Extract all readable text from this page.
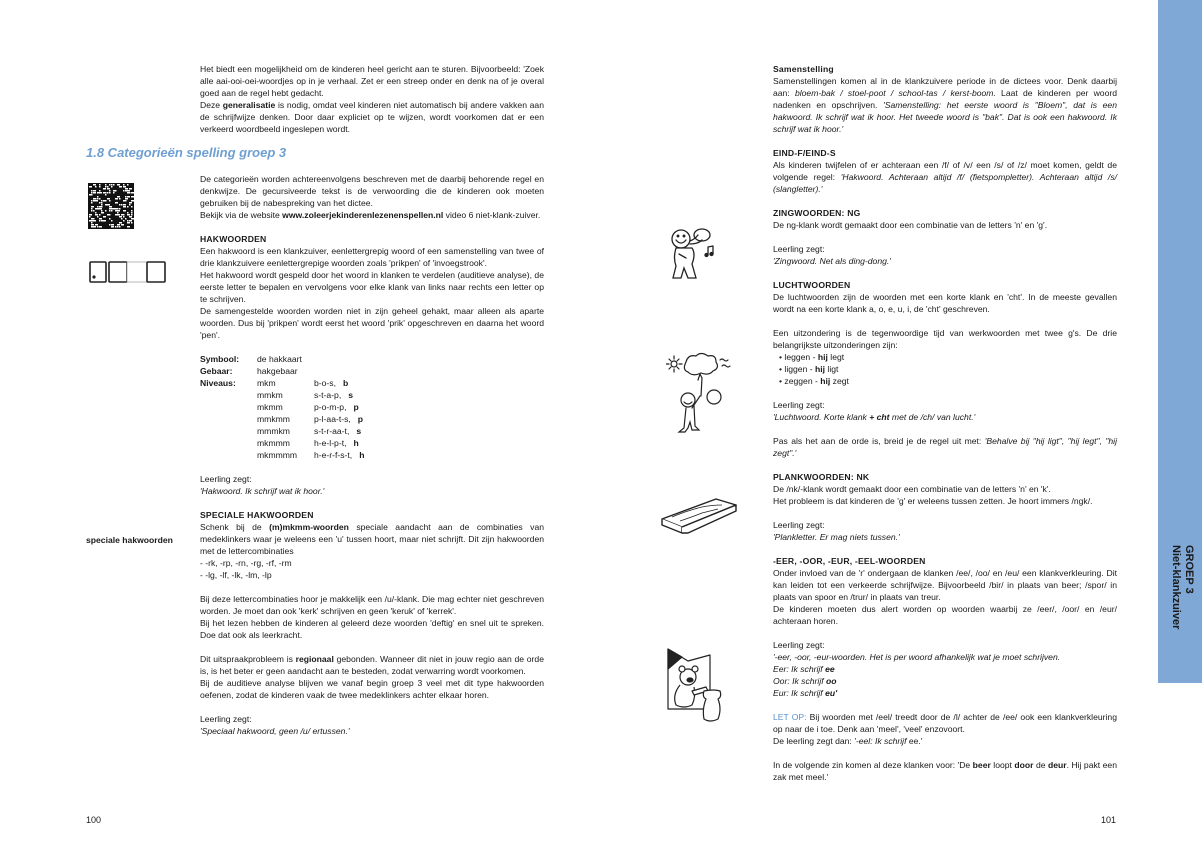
Het biedt een mogelijkheid om de kinderen heel gericht aan te sturen. Bijvoorbeeld: 'Zoek alle aai-ooi-oei-woordjes op in je verhaal. Zet er een streep onder en denk na of je overal goed aan de regel hebt gedacht.

Deze generalisatie is nodig, omdat veel kinderen niet automatisch bij andere vakken aan de schrijfwijze denken. Door daar expliciet op te wijzen, wordt voorkomen dat er een verkeerd woordbeeld ingeslepen wordt.

1.8 Categorieën spelling groep 3

De categorieën worden achtereenvolgens beschreven met de daarbij behorende regel en denkwijze. De gecursiveerde tekst is de verwoording die de kinderen ook moeten gebruiken bij de nabespreking van het dictee.

Bekijk via de website www.zoleerjekinderenlezenenspellen.nl video 6 niet-klank-zuiver.

HAKWOORDEN

Een hakwoord is een klankzuiver, eenlettergrepig woord of een samenstelling van twee of drie klankzuivere eenlettergrepige woorden zoals 'prikpen' of 'invoegstrook'.

Het hakwoord wordt gespeld door het woord in klanken te verdelen (auditieve analyse), de eerste letter te bepalen en vervolgens voor elke klank van links naar rechts een letter op te schrijven.

De samengestelde woorden worden niet in zijn geheel gehakt, maar alleen als aparte woorden. Dus bij 'prikpen' wordt eerst het woord 'prik' opgeschreven en daarna het woord 'pen'.

Symbool:	de hakkaart	
Gebaar:	hakgebaar	
Niveaus:	mkm	b-o-s, b
	mmkm	s-t-a-p, s
	mkmm	p-o-m-p, p
	mmkmm	p-l-aa-t-s, p
	mmmkm	s-t-r-aa-t, s
	mkmmm	h-e-l-p-t, h
	mkmmmm	h-e-r-f-s-t, h

Leerling zegt:

'Hakwoord. Ik schrijf wat ik hoor.'

SPECIALE HAKWOORDEN

Schenk bij de (m)mkmm-woorden speciale aandacht aan de combinaties van medeklinkers waar je weleens een 'u' tussen hoort, maar niet schrijft. Dit zijn hakwoorden met de lettercombinaties

- -rk, -rp, -rn, -rg, -rf, -rm

- -lg, -lf, -lk, -lm, -lp

Bij deze lettercombinaties hoor je makkelijk een /u/-klank. Die mag echter niet geschreven worden. Je moet dan ook 'kerk' schrijven en geen 'keruk' of 'kerrek'.

Bij het lezen hebben de kinderen al geleerd deze woorden 'deftig' en snel uit te spreken. Doe dat ook als leerkracht.

Dit uitspraakprobleem is regionaal gebonden. Wanneer dit niet in jouw regio aan de orde is, is het beter er geen aandacht aan te besteden, zodat verwarring wordt voorkomen.

Bij de auditieve analyse blijven we vanaf begin groep 3 veel met dit type hakwoorden oefenen, zodat de kinderen vaak de twee medeklinkers achter elkaar horen.

Leerling zegt:

'Speciaal hakwoord, geen /u/ ertussen.'

speciale hakwoorden
100

Samenstelling

Samenstellingen komen al in de klankzuivere periode in de dictees voor. Denk daarbij aan: bloem-bak / stoel-poot / school-tas / kerst-boom. Laat de kinderen per woord nadenken en opschrijven. 'Samenstelling: het eerste woord is "Bloem", dat is een hakwoord. Ik schrijf wat ik hoor. Het tweede woord is "bak". Dat is ook een hakwoord. Ik schrijf wat ik hoor.'

EIND-F/EIND-S

Als kinderen twijfelen of er achteraan een /f/ of /v/ een /s/ of /z/ moet komen, geldt de volgende regel: 'Hakwoord. Achteraan altijd /f/ (fietspompletter). Achteraan altijd /s/ (slangletter).'

ZINGWOORDEN: NG

De ng-klank wordt gemaakt door een combinatie van de letters 'n' en 'g'.

Leerling zegt:

'Zingwoord. Net als ding-dong.'

LUCHTWOORDEN

De luchtwoorden zijn de woorden met een korte klank en 'cht'. In de meeste gevallen wordt na een korte klank a, o, e, u, i, de 'cht' geschreven.

Een uitzondering is de tegenwoordige tijd van werkwoorden met twee g's. De drie belangrijkste uitzonderingen zijn:

• leggen - hij legt
• liggen - hij ligt
• zeggen - hij zegt

Leerling zegt:

'Luchtwoord. Korte klank + cht met de /ch/ van lucht.'

Pas als het aan de orde is, breid je de regel uit met: 'Behalve bij "hij ligt", "hij legt", "hij zegt".'

PLANKWOORDEN: NK

De /nk/-klank wordt gemaakt door een combinatie van de letters 'n' en 'k'.

Het probleem is dat kinderen de 'g' er weleens tussen zetten. Je hoort immers /ngk/.

Leerling zegt:

'Plankletter. Er mag niets tussen.'

-EER, -OOR, -EUR, -EEL-WOORDEN

Onder invloed van de 'r' ondergaan de klanken /ee/, /oo/ en /eu/ een klankverkleuring. Dit kan leiden tot een verkeerde schrijfwijze. Bijvoorbeeld /bir/ in plaats van beer; /spor/ in plaats van spoor en /trur/ in plaats van treur.

De kinderen moeten dus alert worden op woorden waarbij ze /eer/, /oor/ en /eur/ achteraan horen.

Leerling zegt:

'-eer, -oor, -eur-woorden. Het is per woord afhankelijk wat je moet schrijven.

Eer: Ik schrijf ee

Oor: Ik schrijf oo

Eur: Ik schrijf eu'

LET OP: Bij woorden met /eel/ treedt door de /l/ achter de /ee/ ook een klankverkleuring op naar de i toe. Denk aan 'meel', 'veel' enzovoort.

De leerling zegt dan: '-eel: Ik schrijf ee.'

In de volgende zin komen al deze klanken voor: 'De beer loopt door de deur. Hij pakt een zak met meel.'

101
GROEP 3
Niet-klankzuiver
